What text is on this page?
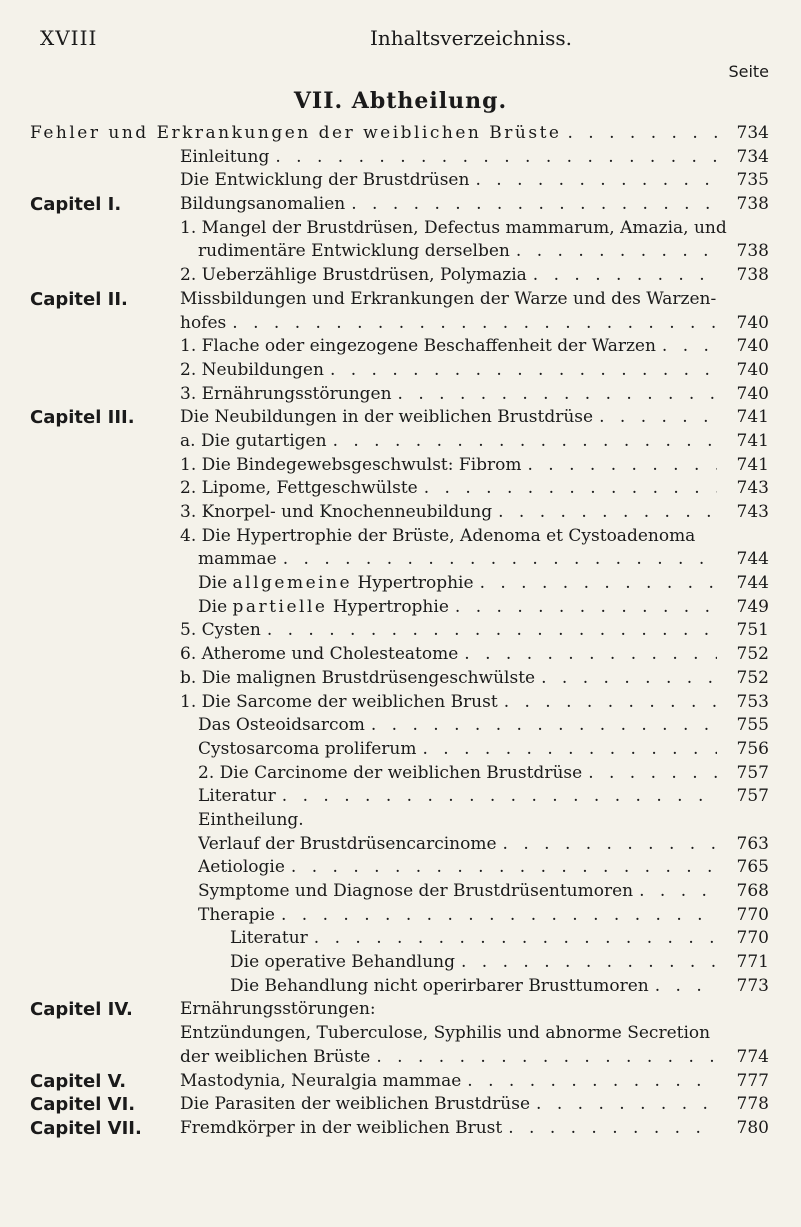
XVIII	Inhaltsverzeichniss.
Seite
VII. Abtheilung.
Fehler und Erkrankungen der weiblichen Brüste . . .	734
Einleitung . . .	734
Die Entwicklung der Brustdrüsen . . .	735
Capitel I.	Bildungsanomalien . . .	738
1. Mangel der Brustdrüsen, Defectus mammarum, Amazia, und
rudimentäre Entwicklung derselben . . .	738
2. Ueberzählige Brustdrüsen, Polymazia . . .	738
Capitel II.	Missbildungen und Erkrankungen der Warze und des Warzen-
hofes . . .	740
1. Flache oder eingezogene Beschaffenheit der Warzen . . .	740
2. Neubildungen . . .	740
3. Ernährungsstörungen . . .	740
Capitel III.	Die Neubildungen in der weiblichen Brustdrüse . . .	741
a. Die gutartigen . . .	741
1. Die Bindegewebsgeschwulst: Fibrom . . .	741
2. Lipome, Fettgeschwülste . . .	743
3. Knorpel- und Knochenneubildung . . .	743
4. Die Hypertrophie der Brüste, Adenoma et Cystoadenoma
mammae . . .	744
Die allgemeine Hypertrophie . . .	744
Die partielle Hypertrophie . . .	749
5. Cysten . . .	751
6. Atherome und Cholesteatome . . .	752
b. Die malignen Brustdrüsengeschwülste . . .	752
1. Die Sarcome der weiblichen Brust . . .	753
Das Osteoidsarcom . . .	755
Cystosarcoma proliferum . . .	756
2. Die Carcinome der weiblichen Brustdrüse . . .	757
Literatur . . .	757
Eintheilung.
Verlauf der Brustdrüsencarcinome . . .	763
Aetiologie . . .	765
Symptome und Diagnose der Brustdrüsentumoren . . .	768
Therapie . . .	770
Literatur . . .	770
Die operative Behandlung . . .	771
Die Behandlung nicht operirbarer Brusttumoren . . .	773
Capitel IV.	Ernährungsstörungen:
Entzündungen, Tuberculose, Syphilis und abnorme Secretion
der weiblichen Brüste . . .	774
Capitel V.	Mastodynia, Neuralgia mammae . . .	777
Capitel VI.	Die Parasiten der weiblichen Brustdrüse . . .	778
Capitel VII. Fremdkörper in der weiblichen Brust . . .	780
